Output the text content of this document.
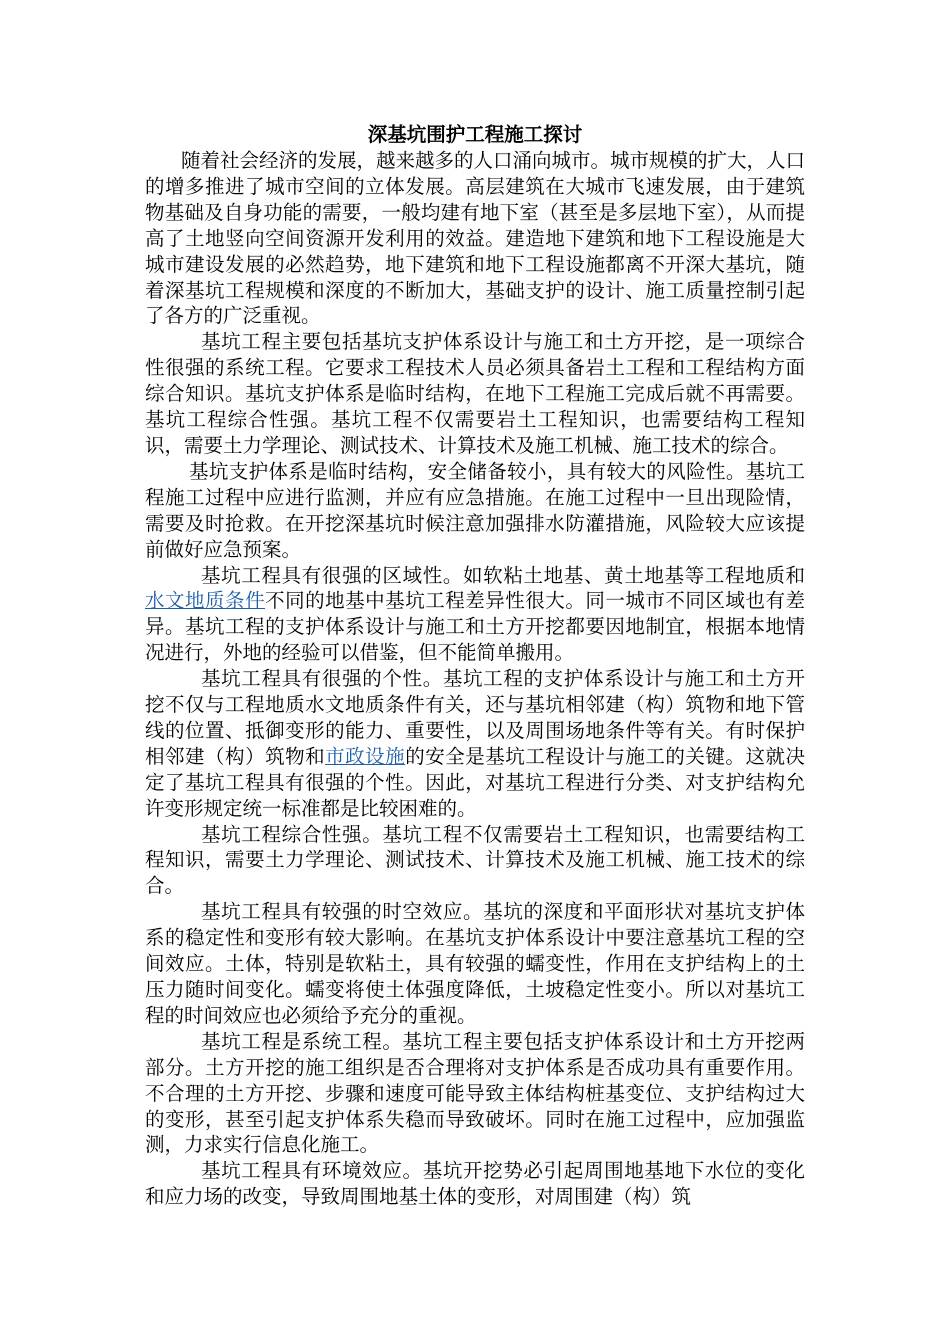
深基坑围护工程施工探讨

随着社会经济的发展，越来越多的人口涌向城市。城市规模的扩大，人口的增多推进了城市空间的立体发展。高层建筑在大城市飞速发展，由于建筑物基础及自身功能的需要，一般均建有地下室（甚至是多层地下室），从而提高了土地竖向空间资源开发利用的效益。建造地下建筑和地下工程设施是大城市建设发展的必然趋势，地下建筑和地下工程设施都离不开深大基坑，随着深基坑工程规模和深度的不断加大，基础支护的设计、施工质量控制引起了各方的广泛重视。

基坑工程主要包括基坑支护体系设计与施工和土方开挖，是一项综合性很强的系统工程。它要求工程技术人员必须具备岩土工程和工程结构方面综合知识。基坑支护体系是临时结构，在地下工程施工完成后就不再需要。基坑工程综合性强。基坑工程不仅需要岩土工程知识，也需要结构工程知识，需要土力学理论、测试技术、计算技术及施工机械、施工技术的综合。

基坑支护体系是临时结构，安全储备较小，具有较大的风险性。基坑工程施工过程中应进行监测，并应有应急措施。在施工过程中一旦出现险情，需要及时抢救。在开挖深基坑时候注意加强排水防灌措施，风险较大应该提前做好应急预案。

基坑工程具有很强的区域性。如软粘土地基、黄土地基等工程地质和水文地质条件不同的地基中基坑工程差异性很大。同一城市不同区域也有差异。基坑工程的支护体系设计与施工和土方开挖都要因地制宜，根据本地情况进行，外地的经验可以借鉴，但不能简单搬用。

基坑工程具有很强的个性。基坑工程的支护体系设计与施工和土方开挖不仅与工程地质水文地质条件有关，还与基坑相邻建（构）筑物和地下管线的位置、抵御变形的能力、重要性，以及周围场地条件等有关。有时保护相邻建（构）筑物和市政设施的安全是基坑工程设计与施工的关键。这就决定了基坑工程具有很强的个性。因此，对基坑工程进行分类、对支护结构允许变形规定统一标准都是比较困难的。

基坑工程综合性强。基坑工程不仅需要岩土工程知识，也需要结构工程知识，需要土力学理论、测试技术、计算技术及施工机械、施工技术的综合。

基坑工程具有较强的时空效应。基坑的深度和平面形状对基坑支护体系的稳定性和变形有较大影响。在基坑支护体系设计中要注意基坑工程的空间效应。土体，特别是软粘土，具有较强的蠕变性，作用在支护结构上的土压力随时间变化。蠕变将使土体强度降低，土坡稳定性变小。所以对基坑工程的时间效应也必须给予充分的重视。

基坑工程是系统工程。基坑工程主要包括支护体系设计和土方开挖两部分。土方开挖的施工组织是否合理将对支护体系是否成功具有重要作用。不合理的土方开挖、步骤和速度可能导致主体结构桩基变位、支护结构过大的变形，甚至引起支护体系失稳而导致破坏。同时在施工过程中，应加强监测，力求实行信息化施工。

基坑工程具有环境效应。基坑开挖势必引起周围地基地下水位的变化和应力场的改变，导致周围地基土体的变形，对周围建（构）筑
